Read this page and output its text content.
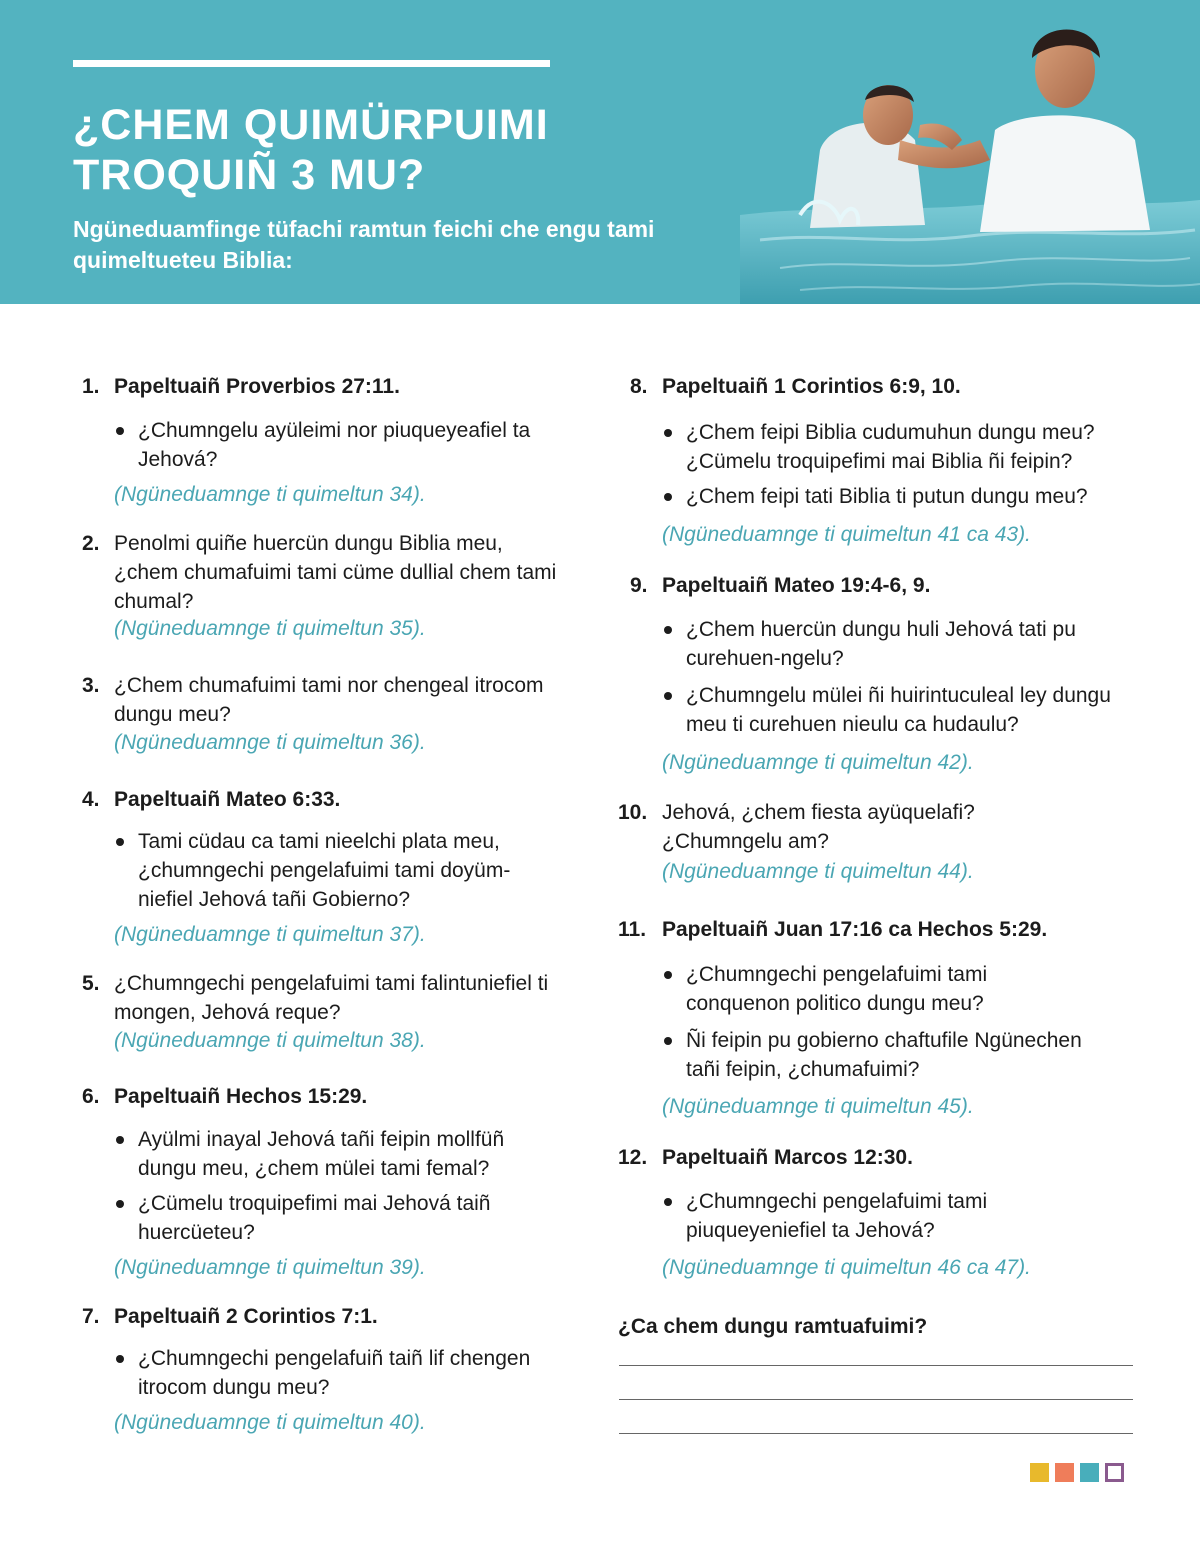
¿CHEM QUIMÜRPUIMI
TROQUIÑ 3 MU?

Ngüneduamfinge tüfachi ramtun feichi che engu tami quimeltueteu Biblia:

1. Papeltuaiñ Proverbios 27:11.
¿Chumngelu ayüleimi nor piuqueyeafiel ta Jehová?
(Ngüneduamnge ti quimeltun 34).
2. Penolmi quiñe huercün dungu Biblia meu, ¿chem chumafuimi tami cüme dullial chem tami chumal?
(Ngüneduamnge ti quimeltun 35).
3. ¿Chem chumafuimi tami nor chengeal itrocom dungu meu?
(Ngüneduamnge ti quimeltun 36).
4. Papeltuaiñ Mateo 6:33.
Tami cüdau ca tami nieelchi plata meu, ¿chumngechi pengelafuimi tami doyümniefiel Jehová tañi Gobierno?
(Ngüneduamnge ti quimeltun 37).
5. ¿Chumngechi pengelafuimi tami falintuniefiel ti mongen, Jehová reque?
(Ngüneduamnge ti quimeltun 38).
6. Papeltuaiñ Hechos 15:29.
Ayülmi inayal Jehová tañi feipin mollfüñ dungu meu, ¿chem mülei tami femal?
¿Cümelu troquipefimi mai Jehová taiñ huercüeteu?
(Ngüneduamnge ti quimeltun 39).
7. Papeltuaiñ 2 Corintios 7:1.
¿Chumngechi pengelafuiñ taiñ lif chengen itrocom dungu meu?
(Ngüneduamnge ti quimeltun 40).
8. Papeltuaiñ 1 Corintios 6:9, 10.
¿Chem feipi Biblia cudumuhun dungu meu? ¿Cümelu troquipefimi mai Biblia ñi feipin?
¿Chem feipi tati Biblia ti putun dungu meu?
(Ngüneduamnge ti quimeltun 41 ca 43).
9. Papeltuaiñ Mateo 19:4-6, 9.
¿Chem huercün dungu huli Jehová tati pu curehuen-ngelu?
¿Chumngelu mülei ñi huirintuculeal ley dungu meu ti curehuen nieulu ca hudaulu?
(Ngüneduamnge ti quimeltun 42).
10. Jehová, ¿chem fiesta ayüquelafi? ¿Chumngelu am?
(Ngüneduamnge ti quimeltun 44).
11. Papeltuaiñ Juan 17:16 ca Hechos 5:29.
¿Chumngechi pengelafuimi tami conquenon politico dungu meu?
Ñi feipin pu gobierno chaftufile Ngünechen tañi feipin, ¿chumafuimi?
(Ngüneduamnge ti quimeltun 45).
12. Papeltuaiñ Marcos 12:30.
¿Chumngechi pengelafuimi tami piuqueyeniefiel ta Jehová?
(Ngüneduamnge ti quimeltun 46 ca 47).

¿Ca chem dungu ramtuafuimi?
